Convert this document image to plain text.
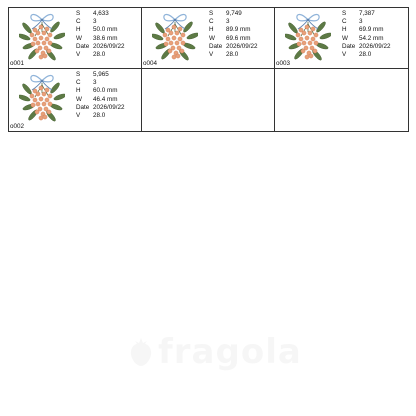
S	4,633
C	3
H	50.0 mm
W	38.6 mm
Date 2026/09/22
V	28.0
o001
S	9,749
C	3
H	89.9 mm
W	69.6 mm
Date 2026/09/22
V	28.0
o004
S	7,387
C	3
H	69.9 mm
W	54.2 mm
Date 2026/09/22
V	28.0
o003
S	5,965
C	3
H	60.0 mm
W	46.4 mm
Date 2026/09/22
V	28.0
o002
fragola
